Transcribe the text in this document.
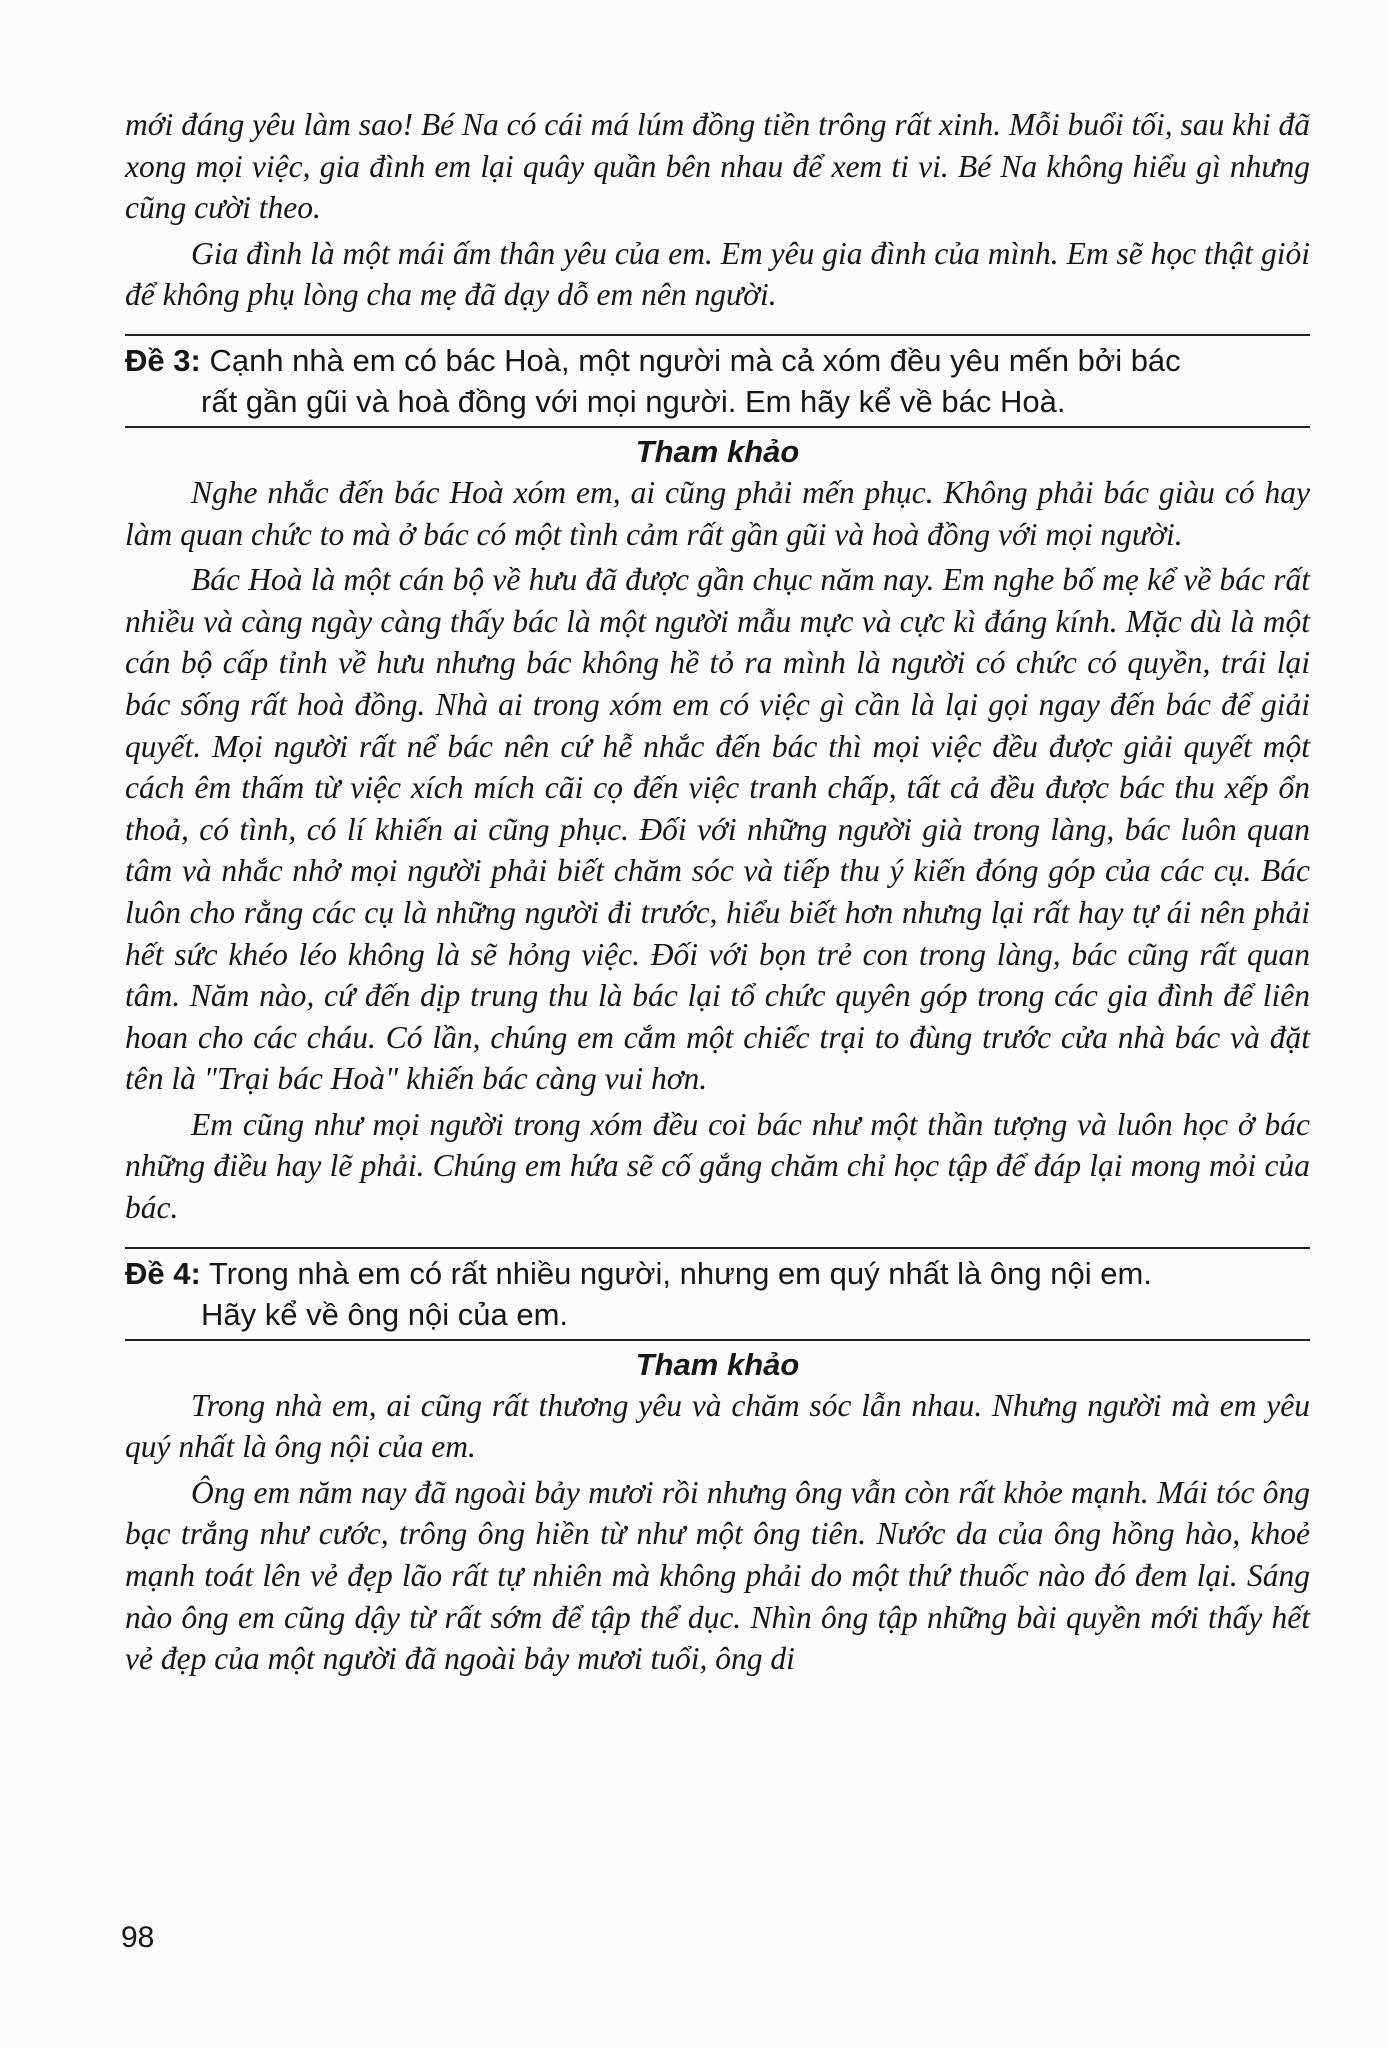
mới đáng yêu làm sao! Bé Na có cái má lúm đồng tiền trông rất xinh. Mỗi buổi tối, sau khi đã xong mọi việc, gia đình em lại quây quần bên nhau để xem ti vi. Bé Na không hiểu gì nhưng cũng cười theo.

Gia đình là một mái ấm thân yêu của em. Em yêu gia đình của mình. Em sẽ học thật giỏi để không phụ lòng cha mẹ đã dạy dỗ em nên người.

Đề 3: Cạnh nhà em có bác Hoà, một người mà cả xóm đều yêu mến bởi bác
rất gần gũi và hoà đồng với mọi người. Em hãy kể về bác Hoà.
Tham khảo

Nghe nhắc đến bác Hoà xóm em, ai cũng phải mến phục. Không phải bác giàu có hay làm quan chức to mà ở bác có một tình cảm rất gần gũi và hoà đồng với mọi người.

Bác Hoà là một cán bộ về hưu đã được gần chục năm nay. Em nghe bố mẹ kể về bác rất nhiều và càng ngày càng thấy bác là một người mẫu mực và cực kì đáng kính. Mặc dù là một cán bộ cấp tỉnh về hưu nhưng bác không hề tỏ ra mình là người có chức có quyền, trái lại bác sống rất hoà đồng. Nhà ai trong xóm em có việc gì cần là lại gọi ngay đến bác để giải quyết. Mọi người rất nể bác nên cứ hễ nhắc đến bác thì mọi việc đều được giải quyết một cách êm thấm từ việc xích mích cãi cọ đến việc tranh chấp, tất cả đều được bác thu xếp ổn thoả, có tình, có lí khiến ai cũng phục. Đối với những người già trong làng, bác luôn quan tâm và nhắc nhở mọi người phải biết chăm sóc và tiếp thu ý kiến đóng góp của các cụ. Bác luôn cho rằng các cụ là những người đi trước, hiểu biết hơn nhưng lại rất hay tự ái nên phải hết sức khéo léo không là sẽ hỏng việc. Đối với bọn trẻ con trong làng, bác cũng rất quan tâm. Năm nào, cứ đến dịp trung thu là bác lại tổ chức quyên góp trong các gia đình để liên hoan cho các cháu. Có lần, chúng em cắm một chiếc trại to đùng trước cửa nhà bác và đặt tên là "Trại bác Hoà" khiến bác càng vui hơn.

Em cũng như mọi người trong xóm đều coi bác như một thần tượng và luôn học ở bác những điều hay lẽ phải. Chúng em hứa sẽ cố gắng chăm chỉ học tập để đáp lại mong mỏi của bác.

Đề 4: Trong nhà em có rất nhiều người, nhưng em quý nhất là ông nội em.
Hãy kể về ông nội của em.
Tham khảo

Trong nhà em, ai cũng rất thương yêu và chăm sóc lẫn nhau. Nhưng người mà em yêu quý nhất là ông nội của em.

Ông em năm nay đã ngoài bảy mươi rồi nhưng ông vẫn còn rất khỏe mạnh. Mái tóc ông bạc trắng như cước, trông ông hiền từ như một ông tiên. Nước da của ông hồng hào, khoẻ mạnh toát lên vẻ đẹp lão rất tự nhiên mà không phải do một thứ thuốc nào đó đem lại. Sáng nào ông em cũng dậy từ rất sớm để tập thể dục. Nhìn ông tập những bài quyền mới thấy hết vẻ đẹp của một người đã ngoài bảy mươi tuổi, ông di

98
